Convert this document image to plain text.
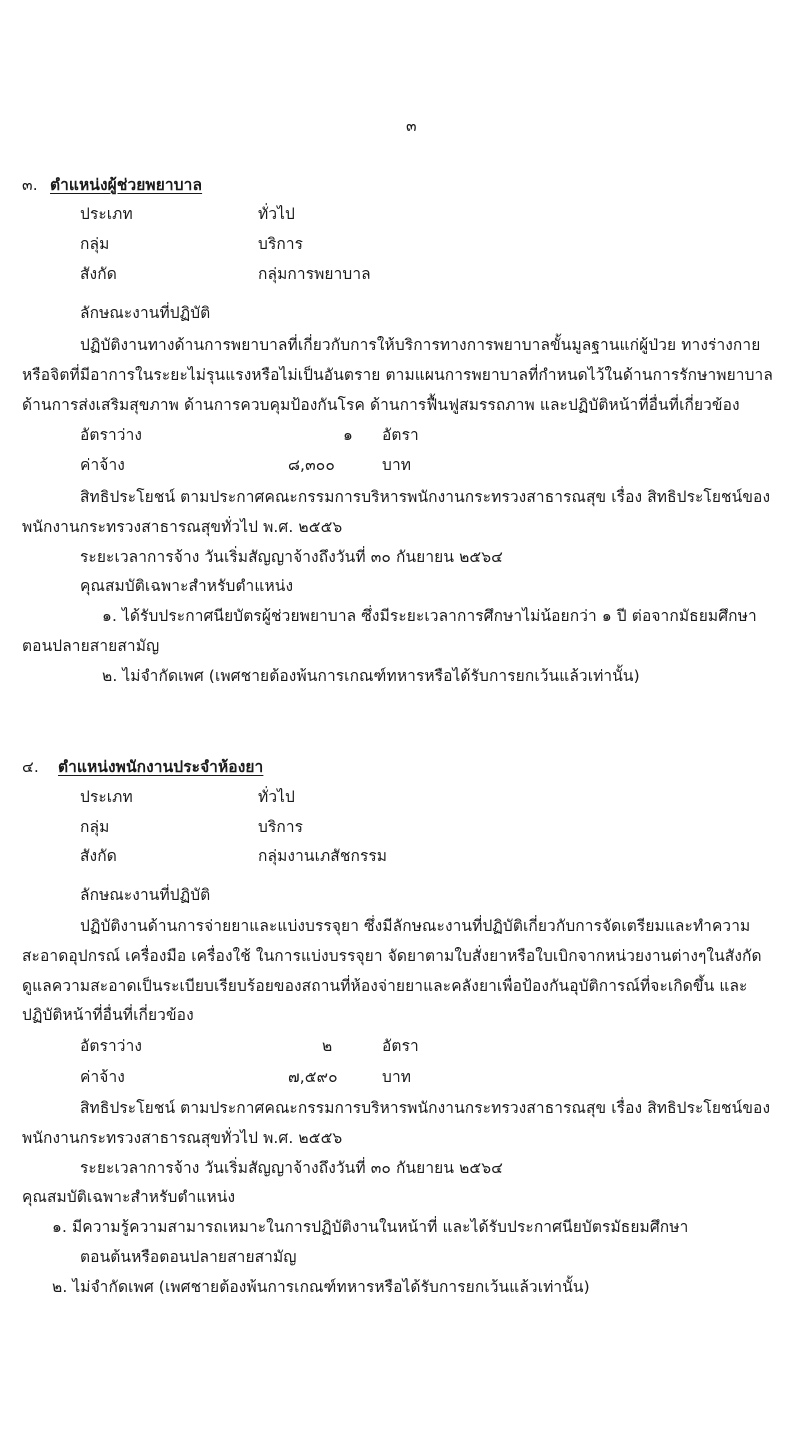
๓
๓. ตำแหน่งผู้ช่วยพยาบาล
ประเภท	ทั่วไป
กลุ่ม	บริการ
สังกัด	กลุ่มการพยาบาล
ลักษณะงานที่ปฏิบัติ
ปฏิบัติงานทางด้านการพยาบาลที่เกี่ยวกับการให้บริการทางการพยาบาลขั้นมูลฐานแก่ผู้ป่วย ทางร่างกาย
หรือจิตที่มีอาการในระยะไม่รุนแรงหรือไม่เป็นอันตราย ตามแผนการพยาบาลที่กำหนดไว้ในด้านการรักษาพยาบาล
ด้านการส่งเสริมสุขภาพ ด้านการควบคุมป้องกันโรค ด้านการฟื้นฟูสมรรถภาพ และปฏิบัติหน้าที่อื่นที่เกี่ยวข้อง
อัตราว่าง	๑ อัตรา
ค่าจ้าง	๘,๓๐๐	บาท
สิทธิประโยชน์ ตามประกาศคณะกรรมการบริหารพนักงานกระทรวงสาธารณสุข เรื่อง สิทธิประโยชน์ของ
พนักงานกระทรวงสาธารณสุขทั่วไป พ.ศ. ๒๕๕๖
ระยะเวลาการจ้าง วันเริ่มสัญญาจ้างถึงวันที่ ๓๐ กันยายน ๒๕๖๔
คุณสมบัติเฉพาะสำหรับตำแหน่ง
๑. ได้รับประกาศนียบัตรผู้ช่วยพยาบาล ซึ่งมีระยะเวลาการศึกษาไม่น้อยกว่า ๑ ปี ต่อจากมัธยมศึกษา
ตอนปลายสายสามัญ
๒. ไม่จำกัดเพศ (เพศชายต้องพ้นการเกณฑ์ทหารหรือได้รับการยกเว้นแล้วเท่านั้น)
๔. ตำแหน่งพนักงานประจำห้องยา
ประเภท	ทั่วไป
กลุ่ม	บริการ
สังกัด	กลุ่มงานเภสัชกรรม
ลักษณะงานที่ปฏิบัติ
ปฏิบัติงานด้านการจ่ายยาและแบ่งบรรจุยา ซึ่งมีลักษณะงานที่ปฏิบัติเกี่ยวกับการจัดเตรียมและทำความ
สะอาดอุปกรณ์ เครื่องมือ เครื่องใช้ ในการแบ่งบรรจุยา จัดยาตามใบสั่งยาหรือใบเบิกจากหน่วยงานต่างๆในสังกัด
ดูแลความสะอาดเป็นระเบียบเรียบร้อยของสถานที่ห้องจ่ายยาและคลังยาเพื่อป้องกันอุบัติการณ์ที่จะเกิดขึ้น และ
ปฏิบัติหน้าที่อื่นที่เกี่ยวข้อง
อัตราว่าง	๒	อัตรา
ค่าจ้าง	๗,๕๙๐	บาท
สิทธิประโยชน์ ตามประกาศคณะกรรมการบริหารพนักงานกระทรวงสาธารณสุข เรื่อง สิทธิประโยชน์ของ
พนักงานกระทรวงสาธารณสุขทั่วไป พ.ศ. ๒๕๕๖
ระยะเวลาการจ้าง วันเริ่มสัญญาจ้างถึงวันที่ ๓๐ กันยายน ๒๕๖๔
คุณสมบัติเฉพาะสำหรับตำแหน่ง
๑. มีความรู้ความสามารถเหมาะในการปฏิบัติงานในหน้าที่ และได้รับประกาศนียบัตรมัธยมศึกษา
ตอนต้นหรือตอนปลายสายสามัญ
๒. ไม่จำกัดเพศ (เพศชายต้องพ้นการเกณฑ์ทหารหรือได้รับการยกเว้นแล้วเท่านั้น)
